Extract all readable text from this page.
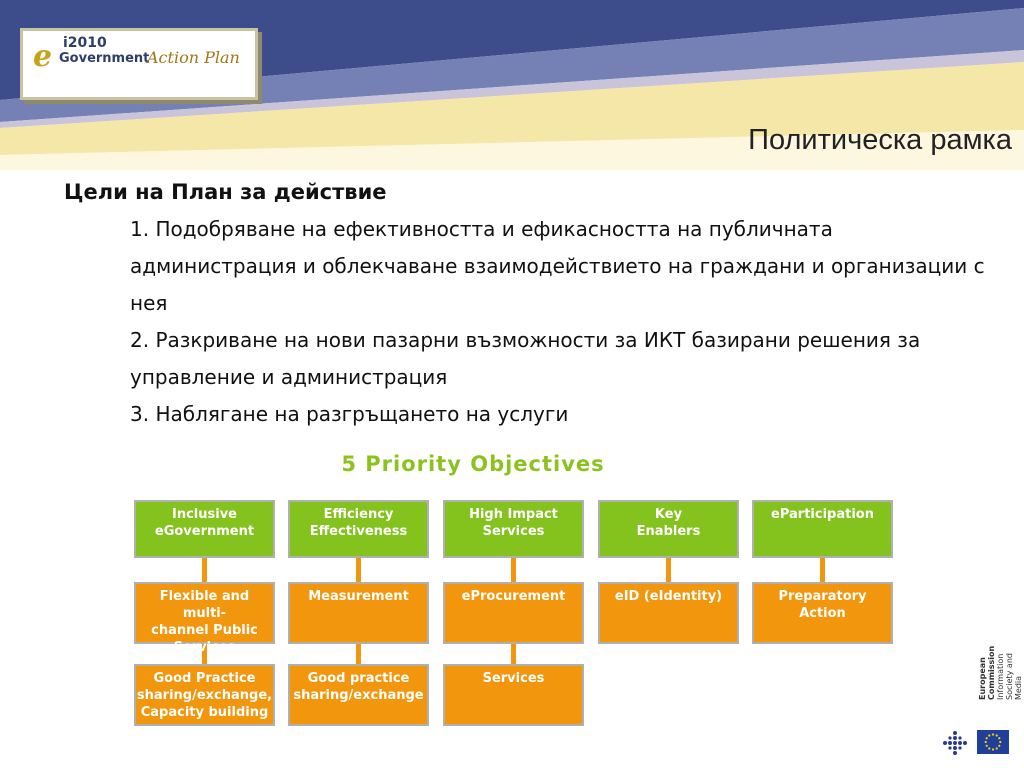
e i2010
Government
Action Plan
Политическа рамка
Цели на План за действие

1. Подобряване на ефективността и ефикасността на публичната администрация и облекчаване взаимодействието на граждани и организации с нея

2. Разкриване на нови пазарни възможности за ИКТ базирани решения за управление и администрация

3. Наблягане на разгръщането на услуги

5 Priority Objectives
Inclusive
eGovernment
Flexible and multi-
channel Public
Services
Good Practice
sharing/exchange,
Capacity building
Efficiency
Effectiveness
Measurement
Good practice
sharing/exchange
High Impact
Services
eProcurement
Services
Key
Enablers
eID (eIdentity)
eParticipation
Preparatory
Action
European Commission Information Society and Media
